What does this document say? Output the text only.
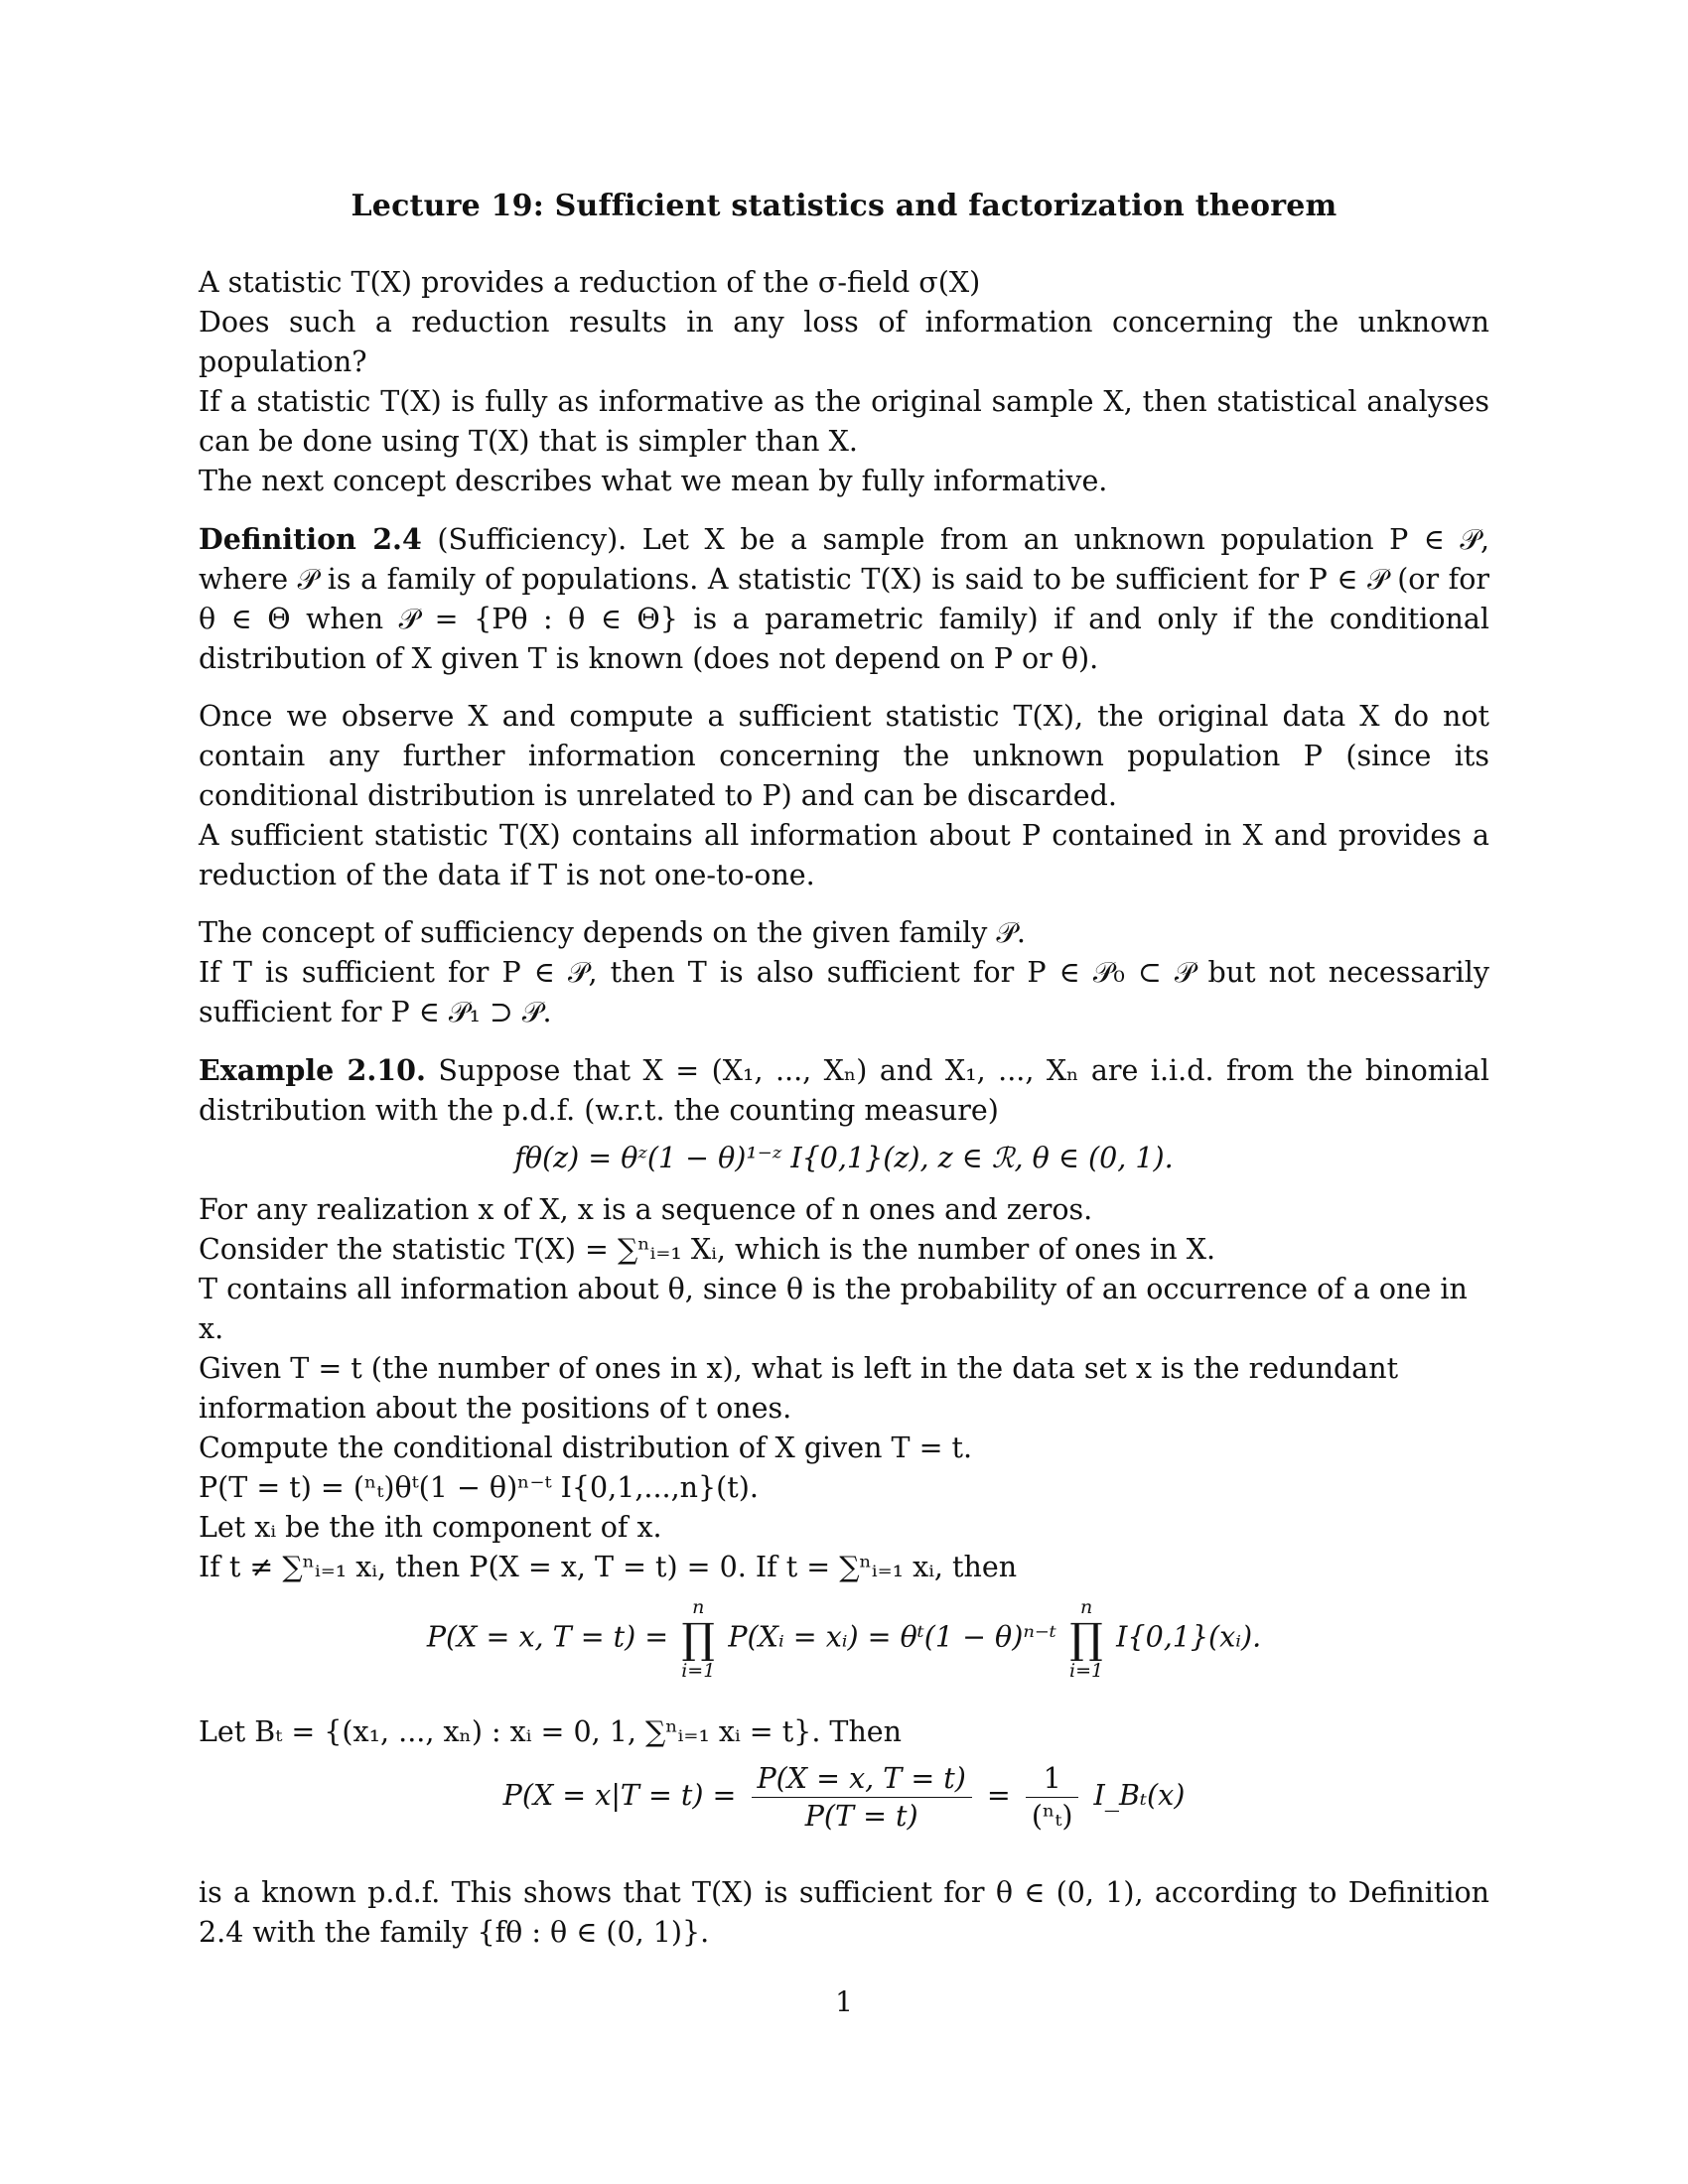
Lecture 19: Sufficient statistics and factorization theorem

A statistic T(X) provides a reduction of the σ-field σ(X)
Does such a reduction results in any loss of information concerning the unknown population?
If a statistic T(X) is fully as informative as the original sample X, then statistical analyses can be done using T(X) that is simpler than X.
The next concept describes what we mean by fully informative.

Definition 2.4 (Sufficiency). Let X be a sample from an unknown population P ∈ 𝒫, where 𝒫 is a family of populations. A statistic T(X) is said to be sufficient for P ∈ 𝒫 (or for θ ∈ Θ when 𝒫 = {Pθ : θ ∈ Θ} is a parametric family) if and only if the conditional distribution of X given T is known (does not depend on P or θ).

Once we observe X and compute a sufficient statistic T(X), the original data X do not contain any further information concerning the unknown population P (since its conditional distribution is unrelated to P) and can be discarded.
A sufficient statistic T(X) contains all information about P contained in X and provides a reduction of the data if T is not one-to-one.

The concept of sufficiency depends on the given family 𝒫.
If T is sufficient for P ∈ 𝒫, then T is also sufficient for P ∈ 𝒫₀ ⊂ 𝒫 but not necessarily sufficient for P ∈ 𝒫₁ ⊃ 𝒫.

Example 2.10. Suppose that X = (X₁, ..., Xₙ) and X₁, ..., Xₙ are i.i.d. from the binomial distribution with the p.d.f. (w.r.t. the counting measure)

fθ(z) = θᶻ(1 − θ)¹⁻ᶻ I{0,1}(z), z ∈ ℛ, θ ∈ (0, 1).
For any realization x of X, x is a sequence of n ones and zeros.
Consider the statistic T(X) = ∑ⁿᵢ₌₁ Xᵢ, which is the number of ones in X.
T contains all information about θ, since θ is the probability of an occurrence of a one in x.
Given T = t (the number of ones in x), what is left in the data set x is the redundant information about the positions of t ones.
Compute the conditional distribution of X given T = t.
P(T = t) = (ⁿₜ)θᵗ(1 − θ)ⁿ⁻ᵗ I{0,1,...,n}(t).
Let xᵢ be the ith component of x.
If t ≠ ∑ⁿᵢ₌₁ xᵢ, then P(X = x, T = t) = 0. If t = ∑ⁿᵢ₌₁ xᵢ, then
P(X = x, T = t) =
n
∏
i=1
P(Xᵢ = xᵢ) = θᵗ(1 − θ)ⁿ⁻ᵗ
n
∏
i=1
I{0,1}(xᵢ).
Let Bₜ = {(x₁, ..., xₙ) : xᵢ = 0, 1, ∑ⁿᵢ₌₁ xᵢ = t}. Then
$P(X = x|T = t) = \frac{P(X = x, T = t)}{P(T = t)} = \frac{1}{\text{(ⁿₜ)}}$ I_Bₜ(x)

is a known p.d.f. This shows that T(X) is sufficient for θ ∈ (0, 1), according to Definition 2.4 with the family {fθ : θ ∈ (0, 1)}.

1
